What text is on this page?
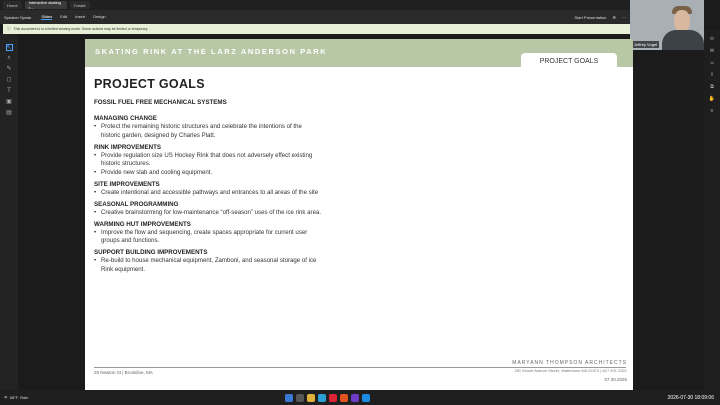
Home	Interactive skating r…	Create
Speaker Speak	Slides Edit Insert Design	Start Presentation ⚙ ⋯
ⓘ This document is in a limited viewing mode. Some actions may be limited or temporary.
↖
⌕
✎
◻
T
▣
▤
Jeffrey Vogel
⊙
✉
☺
⇪
⧉
✋
≡
SKATING RINK AT THE LARZ ANDERSON PARK
PROJECT GOALS
PROJECT GOALS
FOSSIL FUEL FREE MECHANICAL SYSTEMS
MANAGING CHANGE
• Protect the remaining historic structures and celebrate the intentions of the historic garden, designed by Charles Platt.
RINK IMPROVEMENTS
• Provide regulation size US Hockey Rink that does not adversely effect existing historic structures.
• Provide new slab and cooling equipment.
SITE IMPROVEMENTS
• Create intentional and accessible pathways and entrances to all areas of the site
SEASONAL PROGRAMMING
• Creative brainstorming for low-maintenance “off-season” uses of the ice rink area.
WARMING HUT IMPROVEMENTS
• Improve the flow and sequencing, create spaces appropriate for current user groups and functions.
SUPPORT BUILDING IMPROVEMENTS
• Re-build to house mechanical equipment, Zamboni, and seasonal storage of ice Rink equipment.
25 Newton St | Brookline, MA
MARYANN THOMPSON ARCHITECTS
281 Mount Auburn Street, Watertown MA 02472 | 617 491 0321
07.30.2026
☂ 58°F Rain	2026-07-30 18:09:06
